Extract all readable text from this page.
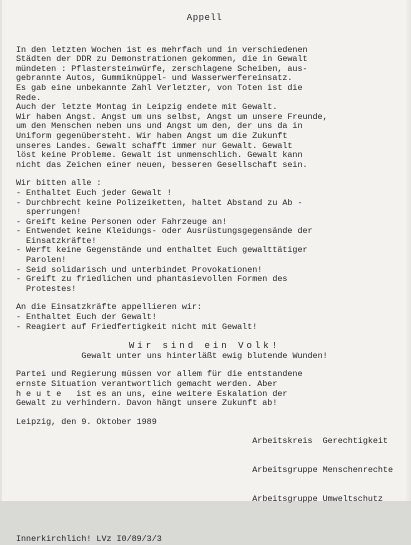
Appell
In den letzten Wochen ist es mehrfach und in verschiedenen
Städten der DDR zu Demonstrationen gekommen, die in Gewalt
mündeten : Pflastersteinwürfe, zerschlagene Scheiben, aus-
gebrannte Autos, Gummiknüppel- und Wasserwerfereinsatz.
Es gab eine unbekannte Zahl Verletzter, von Toten ist die
Rede.
Auch der letzte Montag in Leipzig endete mit Gewalt.
Wir haben Angst. Angst um uns selbst, Angst um unsere Freunde,
um den Menschen neben uns und Angst um den, der uns da in
Uniform gegenübersteht. Wir haben Angst um die Zukunft
unseres Landes. Gewalt schafft immer nur Gewalt. Gewalt
löst keine Probleme. Gewalt ist unmenschlich. Gewalt kann
nicht das Zeichen einer neuen, besseren Gesellschaft sein.
Wir bitten alle :
- Enthaltet Euch jeder Gewalt !
- Durchbrecht keine Polizeiketten, haltet Abstand zu Ab -
sperrungen!
- Greift keine Personen oder Fahrzeuge an!
- Entwendet keine Kleidungs- oder Ausrüstungsgegensände der
Einsatzkräfte!
- Werft keine Gegenstände und enthaltet Euch gewalttätiger
Parolen!
- Seid solidarisch und unterbindet Provokationen!
- Greift zu friedlichen und phantasievollen Formen des
Protestes!
An die Einsatzkräfte appellieren wir:
- Enthaltet Euch der Gewalt!
- Reagiert auf Friedfertigkeit nicht mit Gewalt!
Wir sind ein Volk!
Gewalt unter uns hinterläßt ewig blutende Wunden!
Partei und Regierung müssen vor allem für die entstandene
ernste Situation verantwortlich gemacht werden. Aber
h e u t e   ist es an uns, eine weitere Eskalation der
Gewalt zu verhindern. Davon hängt unsere Zukunft ab!
Leipzig, den 9. Oktober 1989

Arbeitskreis  Gerechtigkeit

Arbeitsgruppe Menschenrechte

Arbeitsgruppe Umweltschutz

Innerkirchlich! LVz I0/89/3/3
